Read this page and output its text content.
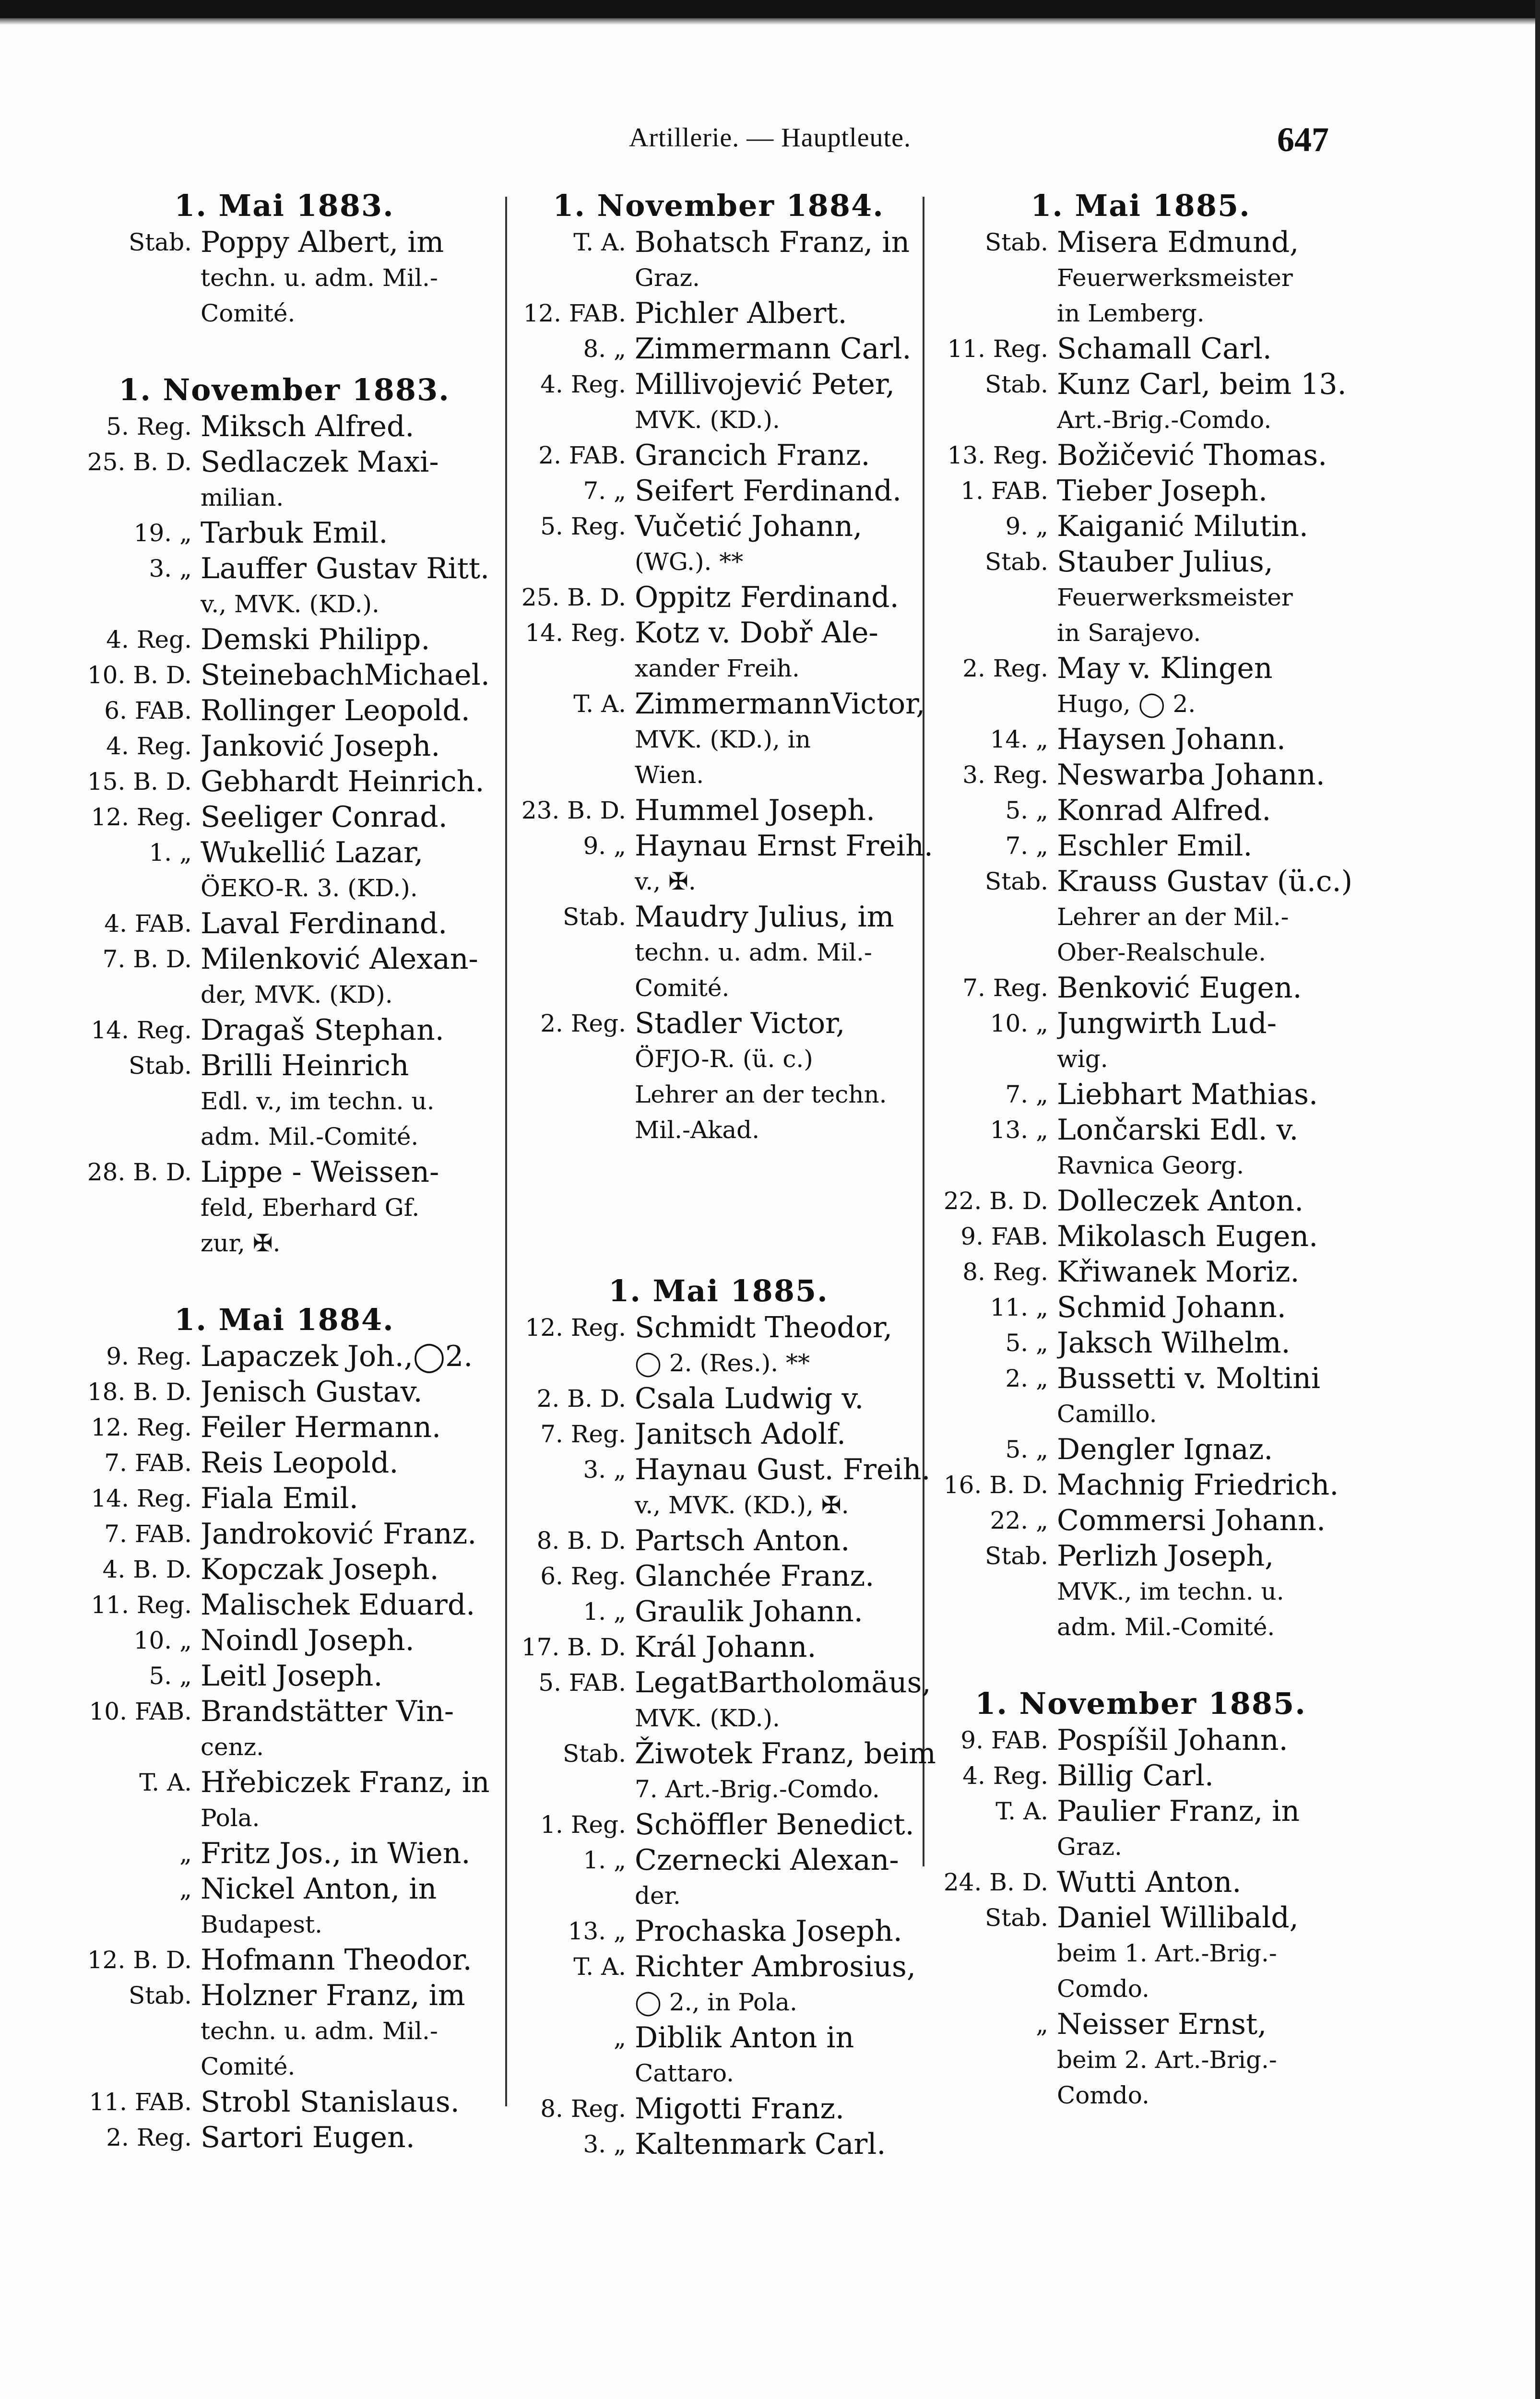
Artillerie. — Hauptleute.	647
1. Mai 1883.
Stab. Poppy Albert, im
techn. u. adm. Mil.-
Comité.
1. November 1883.
5. Reg. Miksch Alfred.
25. B. D. Sedlaczek Maxi-
milian.
19. „ Tarbuk Emil.
3. „ Lauffer Gustav Ritt.
v., MVK. (KD.).
4. Reg. Demski Philipp.
10. B. D. SteinebachMichael.
6. FAB. Rollinger Leopold.
4. Reg. Janković Joseph.
15. B. D. Gebhardt Heinrich.
12. Reg. Seeliger Conrad.
1. „ Wukellić Lazar,
ÖEKO-R. 3. (KD.).
4. FAB. Laval Ferdinand.
7. B. D. Milenković Alexan-
der, MVK. (KD).
14. Reg. Dragaš Stephan.
Stab. Brilli Heinrich
Edl. v., im techn. u.
adm. Mil.-Comité.
28. B. D. Lippe - Weissen-
feld, Eberhard Gf.
zur, ✠.
1. Mai 1884.
9. Reg. Lapaczek Joh.,◯2.
18. B. D. Jenisch Gustav.
12. Reg. Feiler Hermann.
7. FAB. Reis Leopold.
14. Reg. Fiala Emil.
7. FAB. Jandroković Franz.
4. B. D. Kopczak Joseph.
11. Reg. Malischek Eduard.
10. „ Noindl Joseph.
5. „ Leitl Joseph.
10. FAB. Brandstätter Vin-
cenz.
T. A. Hřebiczek Franz, in
Pola.
„ Fritz Jos., in Wien.
„ Nickel Anton, in
Budapest.
12. B. D. Hofmann Theodor.
Stab. Holzner Franz, im
techn. u. adm. Mil.-
Comité.
11. FAB. Strobl Stanislaus.
2. Reg. Sartori Eugen.
1. November 1884.
T. A. Bohatsch Franz, in
Graz.
12. FAB. Pichler Albert.
8. „ Zimmermann Carl.
4. Reg. Millivojević Peter,
MVK. (KD.).
2. FAB. Grancich Franz.
7. „ Seifert Ferdinand.
5. Reg. Vučetić Johann,
(WG.). **
25. B. D. Oppitz Ferdinand.
14. Reg. Kotz v. Dobř Ale-
xander Freih.
T. A. ZimmermannVictor,
MVK. (KD.), in
Wien.
23. B. D. Hummel Joseph.
9. „ Haynau Ernst Freih.
v., ✠.
Stab. Maudry Julius, im
techn. u. adm. Mil.-
Comité.
2. Reg. Stadler Victor,
ÖFJO-R. (ü. c.)
Lehrer an der techn.
Mil.-Akad.
1. Mai 1885.
12. Reg. Schmidt Theodor,
◯ 2. (Res.). **
2. B. D. Csala Ludwig v.
7. Reg. Janitsch Adolf.
3. „ Haynau Gust. Freih.
v., MVK. (KD.), ✠.
8. B. D. Partsch Anton.
6. Reg. Glanchée Franz.
1. „ Graulik Johann.
17. B. D. Král Johann.
5. FAB. LegatBartholomäus,
MVK. (KD.).
Stab. Žiwotek Franz, beim
7. Art.-Brig.-Comdo.
1. Reg. Schöffler Benedict.
1. „ Czernecki Alexan-
der.
13. „ Prochaska Joseph.
T. A. Richter Ambrosius,
◯ 2., in Pola.
„ Diblik Anton in
Cattaro.
8. Reg. Migotti Franz.
3. „ Kaltenmark Carl.
1. Mai 1885.
Stab. Misera Edmund,
Feuerwerksmeister
in Lemberg.
11. Reg. Schamall Carl.
Stab. Kunz Carl, beim 13.
Art.-Brig.-Comdo.
13. Reg. Božičević Thomas.
1. FAB. Tieber Joseph.
9. „ Kaiganić Milutin.
Stab. Stauber Julius,
Feuerwerksmeister
in Sarajevo.
2. Reg. May v. Klingen
Hugo, ◯ 2.
14. „ Haysen Johann.
3. Reg. Neswarba Johann.
5. „ Konrad Alfred.
7. „ Eschler Emil.
Stab. Krauss Gustav (ü.c.)
Lehrer an der Mil.-
Ober-Realschule.
7. Reg. Benković Eugen.
10. „ Jungwirth Lud-
wig.
7. „ Liebhart Mathias.
13. „ Lončarski Edl. v.
Ravnica Georg.
22. B. D. Dolleczek Anton.
9. FAB. Mikolasch Eugen.
8. Reg. Křiwanek Moriz.
11. „ Schmid Johann.
5. „ Jaksch Wilhelm.
2. „ Bussetti v. Moltini
Camillo.
5. „ Dengler Ignaz.
16. B. D. Machnig Friedrich.
22. „ Commersi Johann.
Stab. Perlizh Joseph,
MVK., im techn. u.
adm. Mil.-Comité.
1. November 1885.
9. FAB. Pospíšil Johann.
4. Reg. Billig Carl.
T. A. Paulier Franz, in
Graz.
24. B. D. Wutti Anton.
Stab. Daniel Willibald,
beim 1. Art.-Brig.-
Comdo.
„ Neisser Ernst,
beim 2. Art.-Brig.-
Comdo.
